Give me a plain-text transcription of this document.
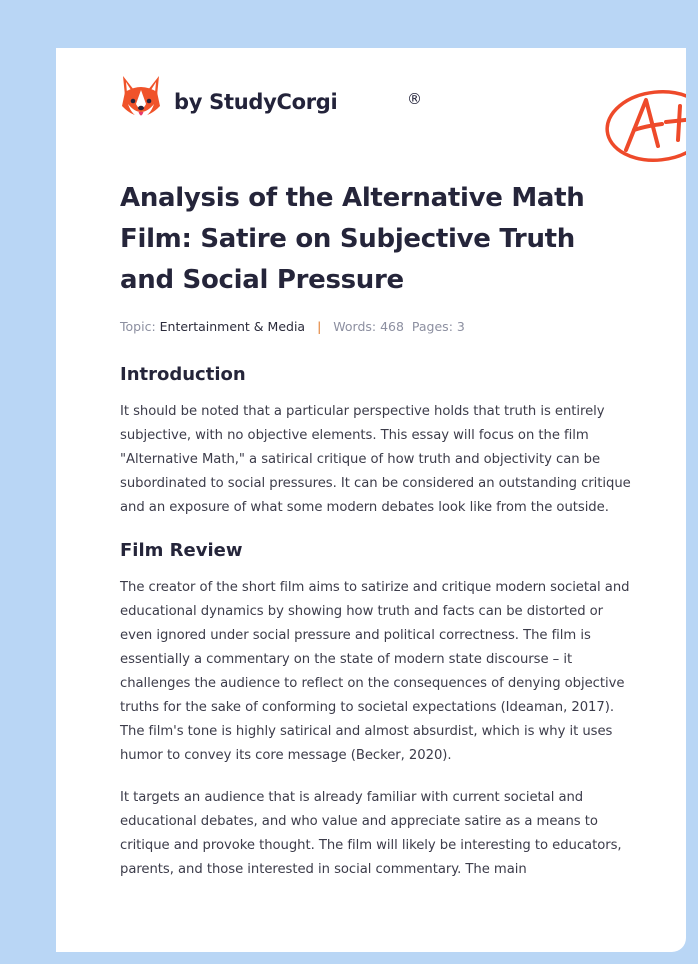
by StudyCorgi	®
Analysis of the Alternative Math Film: Satire on Subjective Truth and Social Pressure
Topic: Entertainment & Media | Words: 468 Pages: 3
Introduction

It should be noted that a particular perspective holds that truth is entirely subjective, with no objective elements. This essay will focus on the film "Alternative Math," a satirical critique of how truth and objectivity can be subordinated to social pressures. It can be considered an outstanding critique and an exposure of what some modern debates look like from the outside.

Film Review

The creator of the short film aims to satirize and critique modern societal and educational dynamics by showing how truth and facts can be distorted or even ignored under social pressure and political correctness. The film is essentially a commentary on the state of modern state discourse – it challenges the audience to reflect on the consequences of denying objective truths for the sake of conforming to societal expectations (Ideaman, 2017). The film's tone is highly satirical and almost absurdist, which is why it uses humor to convey its core message (Becker, 2020).

It targets an audience that is already familiar with current societal and educational debates, and who value and appreciate satire as a means to critique and provoke thought. The film will likely be interesting to educators, parents, and those interested in social commentary. The main
